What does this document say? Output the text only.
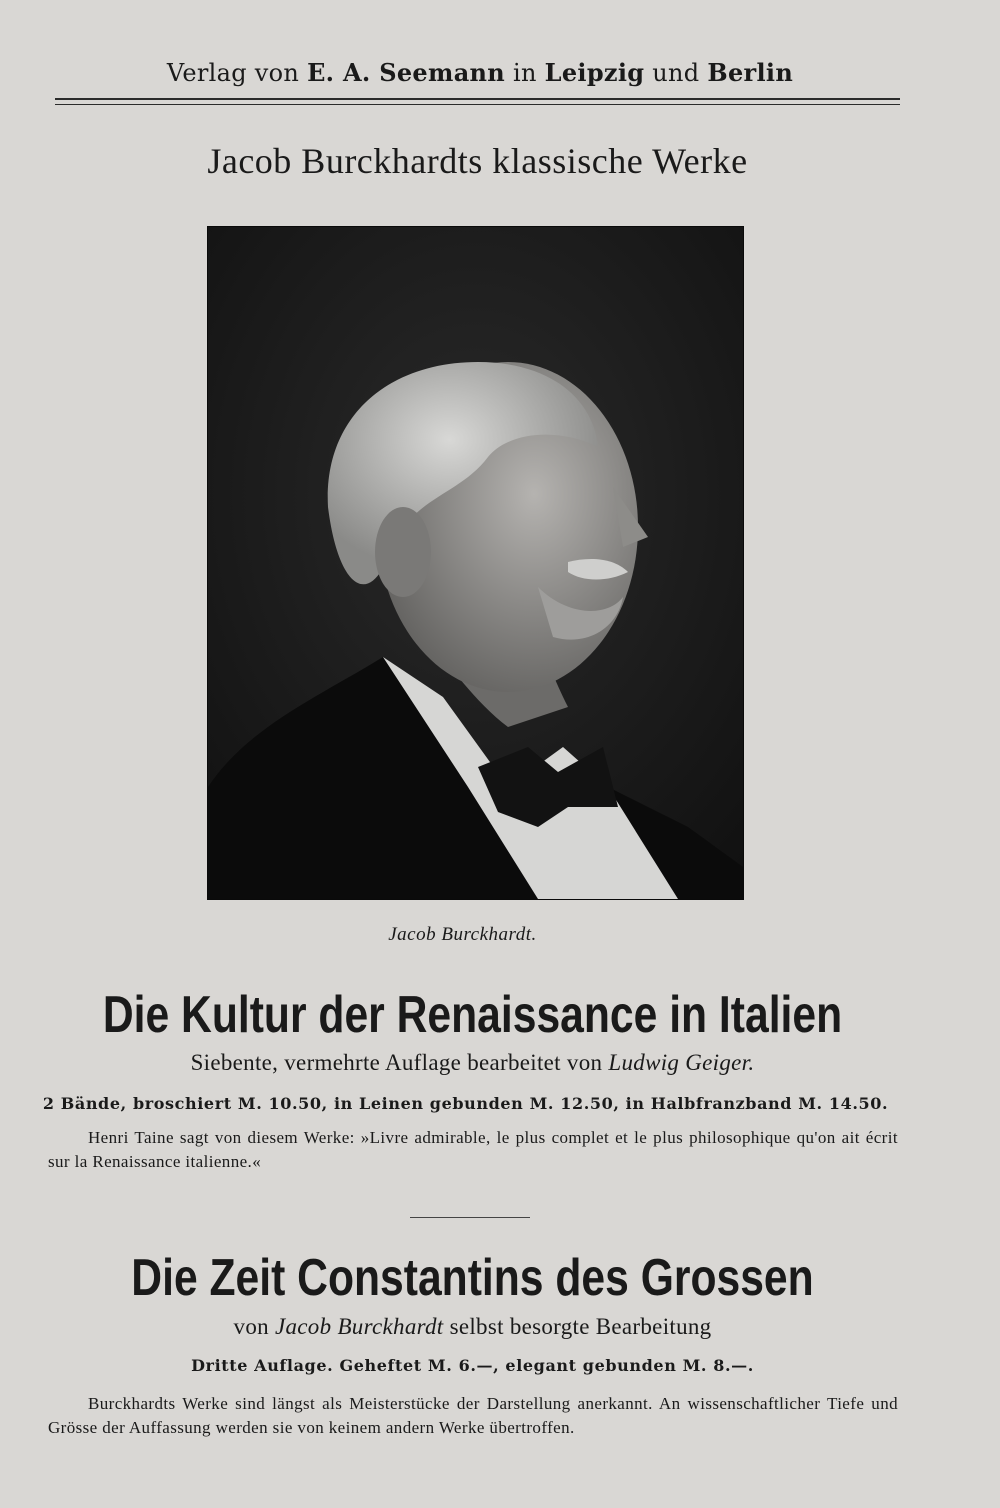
Verlag von E. A. Seemann in Leipzig und Berlin
Jacob Burckhardts klassische Werke
Jacob Burckhardt.
Die Kultur der Renaissance in Italien
Siebente, vermehrte Auflage bearbeitet von Ludwig Geiger.
2 Bände, broschiert M. 10.50, in Leinen gebunden M. 12.50, in Halbfranzband M. 14.50.
Henri Taine sagt von diesem Werke: »Livre admirable, le plus complet et le plus philosophique qu'on ait écrit sur la Renaissance italienne.«
Die Zeit Constantins des Grossen
von Jacob Burckhardt selbst besorgte Bearbeitung
Dritte Auflage. Geheftet M. 6.—, elegant gebunden M. 8.—.
Burckhardts Werke sind längst als Meisterstücke der Darstellung anerkannt. An wissenschaftlicher Tiefe und Grösse der Auffassung werden sie von keinem andern Werke übertroffen.
